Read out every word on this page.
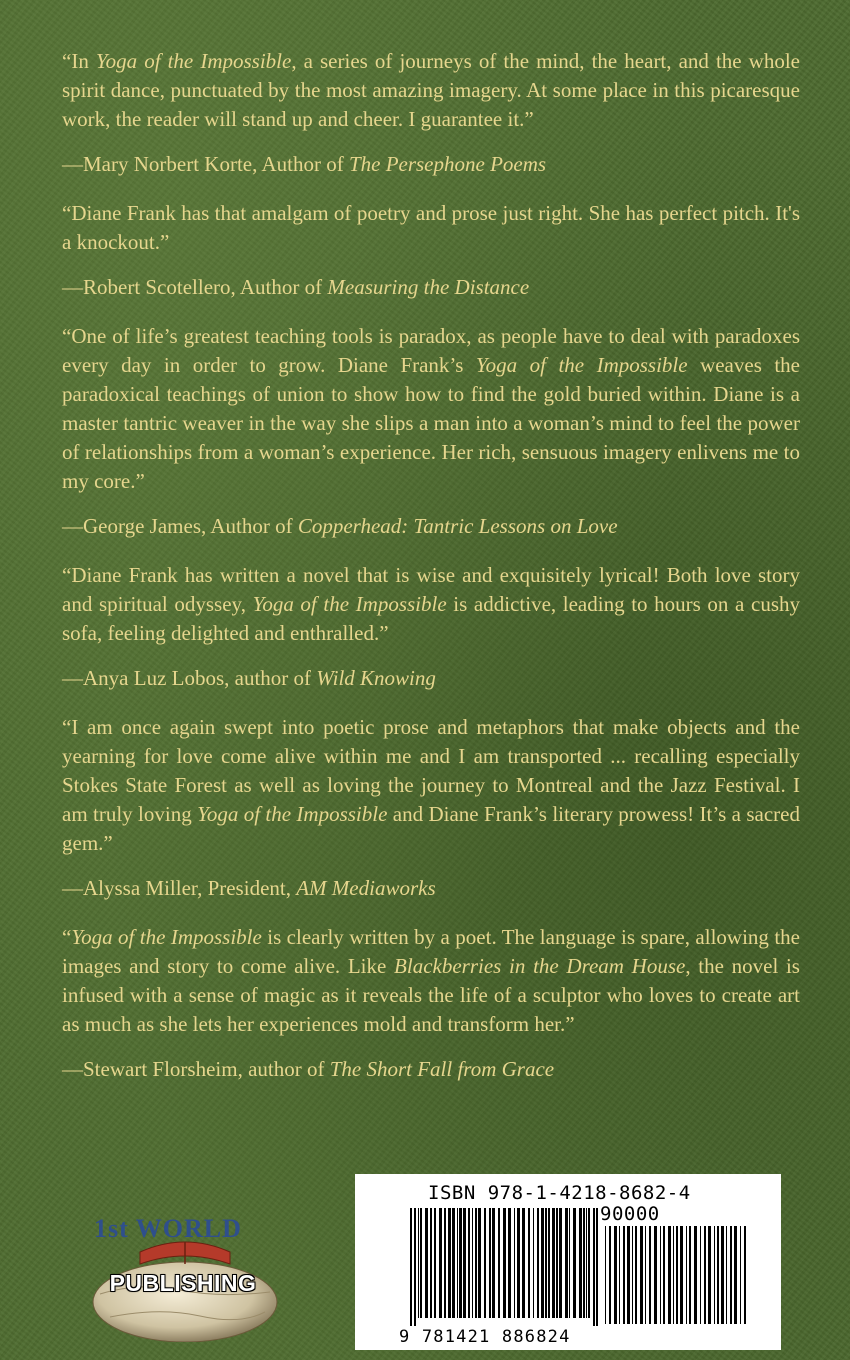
“In Yoga of the Impossible, a series of journeys of the mind, the heart, and the whole spirit dance, punctuated by the most amazing imagery. At some place in this picaresque work, the reader will stand up and cheer. I guarantee it.”

—Mary Norbert Korte, Author of The Persephone Poems

“Diane Frank has that amalgam of poetry and prose just right. She has perfect pitch. It's a knockout.”

—Robert Scotellero, Author of Measuring the Distance

“One of life’s greatest teaching tools is paradox, as people have to deal with paradoxes every day in order to grow. Diane Frank’s Yoga of the Impossible weaves the paradoxical teachings of union to show how to find the gold buried within. Diane is a master tantric weaver in the way she slips a man into a woman’s mind to feel the power of relationships from a woman’s experience. Her rich, sensuous imagery enlivens me to my core.”

—George James, Author of Copperhead: Tantric Lessons on Love

“Diane Frank has written a novel that is wise and exquisitely lyrical! Both love story and spiritual odyssey, Yoga of the Impossible is addictive, leading to hours on a cushy sofa, feeling delighted and enthralled.”

—Anya Luz Lobos, author of Wild Knowing

“I am once again swept into poetic prose and metaphors that make objects and the yearning for love come alive within me and I am transported ... recalling especially Stokes State Forest as well as loving the journey to Montreal and the Jazz Festival. I am truly loving Yoga of the Impossible and Diane Frank’s literary prowess! It’s a sacred gem.”

—Alyssa Miller, President, AM Mediaworks

“Yoga of the Impossible is clearly written by a poet. The language is spare, allowing the images and story to come alive. Like Blackberries in the Dream House, the novel is infused with a sense of magic as it reveals the life of a sculptor who loves to create art as much as she lets her experiences mold and transform her.”

—Stewart Florsheim, author of The Short Fall from Grace

1st WORLD
PUBLISHING
ISBN 978-1-4218-8682-4
90000
9 781421 886824
